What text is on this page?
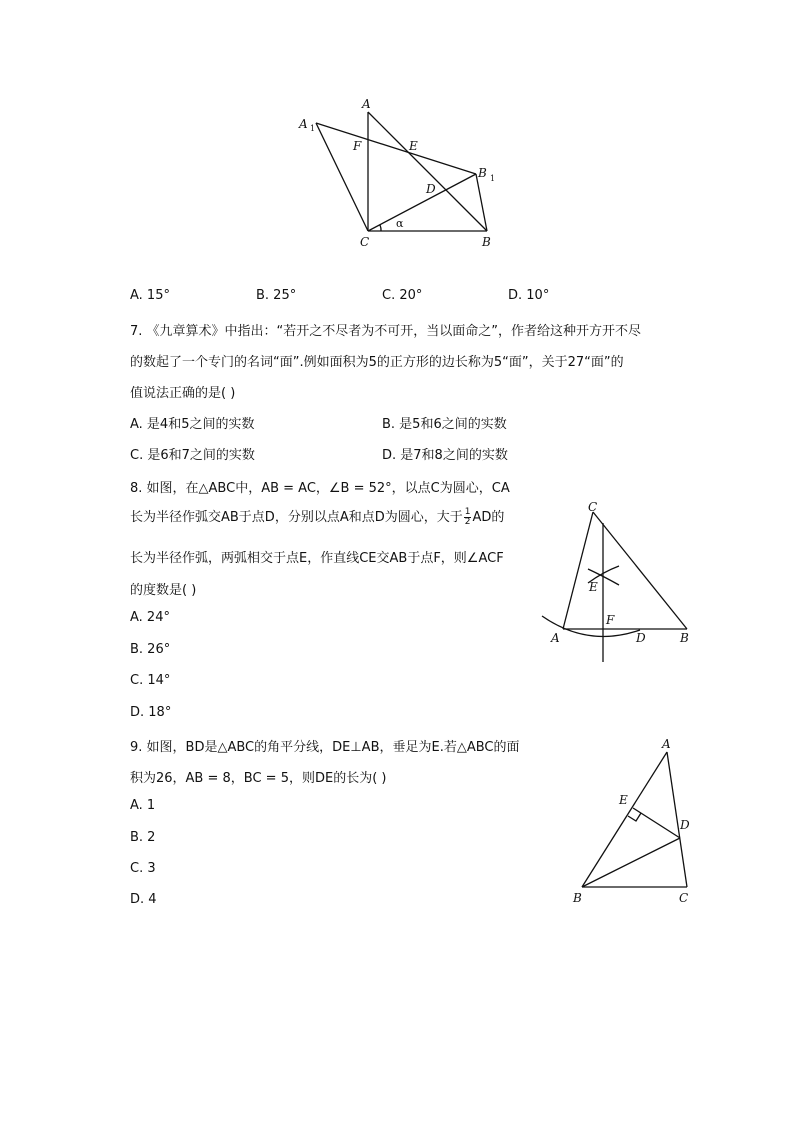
A 1
A
F	E
D
B 1
α
C	B
A. 15°	B. 25°	C. 20°	D. 10°
7. 《九章算术》中指出：“若开之不尽者为不可开，当以面命之”，作者给这种开方开不尽
的数起了一个专门的名词“面”.例如面积为5的正方形的边长称为5“面”，关于27“面”的
值说法正确的是( )
A. 是4和5之间的实数	B. 是5和6之间的实数
C. 是6和7之间的实数	D. 是7和8之间的实数
8. 如图，在△ABC中，AB = AC，∠B = 52°，以点C为圆心，CA
长为半径作弧交AB于点D，分别以点A和点D为圆心，大于 $\frac{1}{2}$ AD的
长为半径作弧，两弧相交于点E，作直线CE交AB于点F，则∠ACF
的度数是( )
A. 24°
B. 26°
C. 14°
D. 18°
C
E
F
A	D	B
9. 如图，BD是△ABC的角平分线，DE⊥AB，垂足为E.若△ABC的面
积为26，AB = 8，BC = 5，则DE的长为( )
A. 1
B. 2
C. 3
D. 4
A
E
D
B	C
